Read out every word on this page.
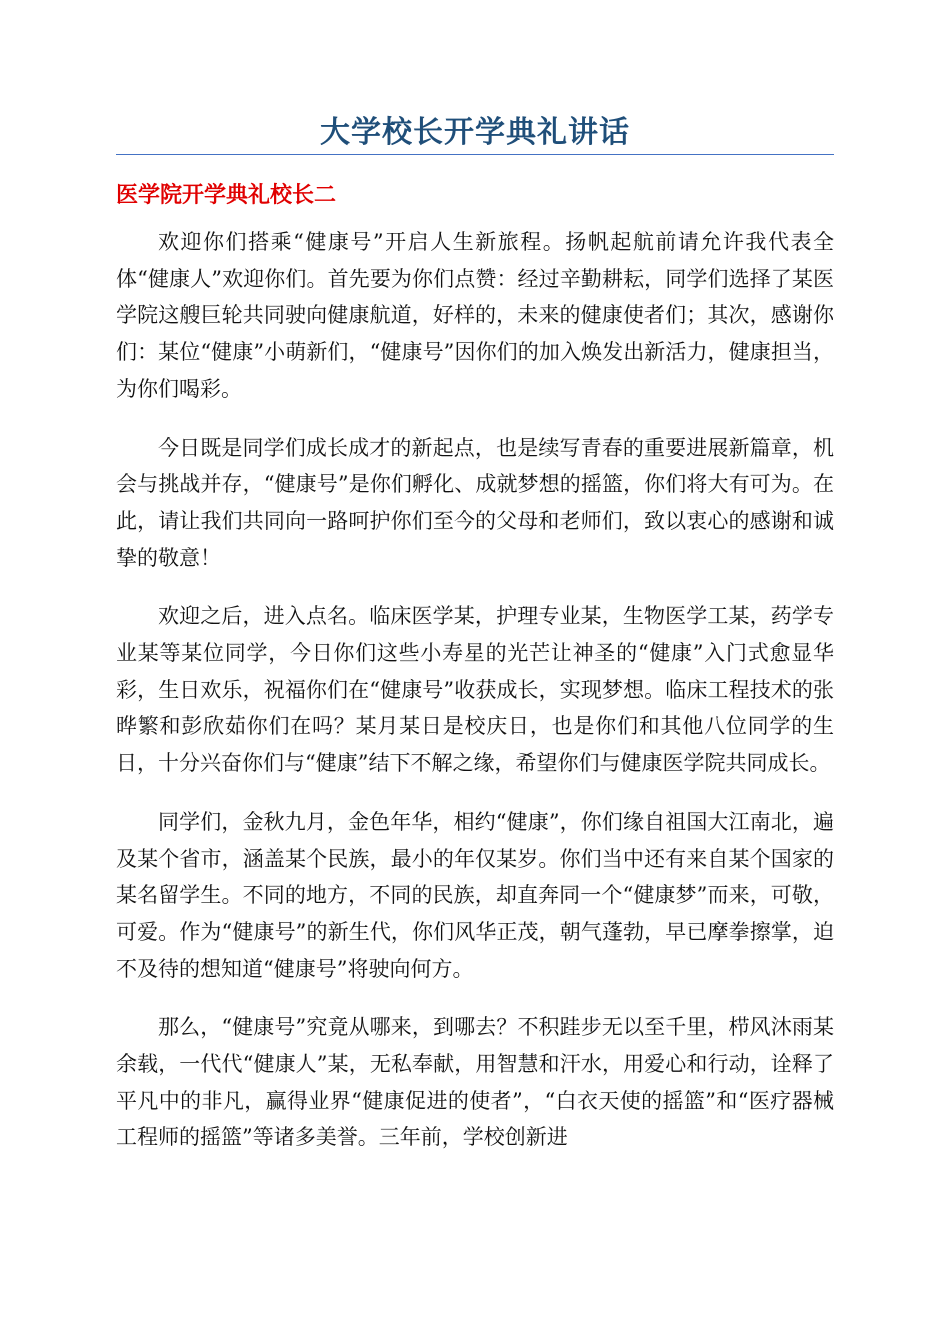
大学校长开学典礼讲话
医学院开学典礼校长二

欢迎你们搭乘“健康号”开启人生新旅程。扬帆起航前请允许我代表全体“健康人”欢迎你们。首先要为你们点赞：经过辛勤耕耘，同学们选择了某医学院这艘巨轮共同驶向健康航道，好样的，未来的健康使者们；其次，感谢你们：某位“健康”小萌新们，“健康号”因你们的加入焕发出新活力，健康担当，为你们喝彩。

今日既是同学们成长成才的新起点，也是续写青春的重要进展新篇章，机会与挑战并存，“健康号”是你们孵化、成就梦想的摇篮，你们将大有可为。在此，请让我们共同向一路呵护你们至今的父母和老师们，致以衷心的感谢和诚挚的敬意！

欢迎之后，进入点名。临床医学某，护理专业某，生物医学工某，药学专业某等某位同学，今日你们这些小寿星的光芒让神圣的“健康”入门式愈显华彩，生日欢乐，祝福你们在“健康号”收获成长，实现梦想。临床工程技术的张晔繁和彭欣茹你们在吗？某月某日是校庆日，也是你们和其他八位同学的生日，十分兴奋你们与“健康”结下不解之缘，希望你们与健康医学院共同成长。

同学们，金秋九月，金色年华，相约“健康”，你们缘自祖国大江南北，遍及某个省市，涵盖某个民族，最小的年仅某岁。你们当中还有来自某个国家的某名留学生。不同的地方，不同的民族，却直奔同一个“健康梦”而来，可敬，可爱。作为“健康号”的新生代，你们风华正茂，朝气蓬勃，早已摩拳擦掌，迫不及待的想知道“健康号”将驶向何方。

那么，“健康号”究竟从哪来，到哪去？不积跬步无以至千里，栉风沐雨某余载，一代代“健康人”某，无私奉献，用智慧和汗水，用爱心和行动，诠释了平凡中的非凡，赢得业界“健康促进的使者”，“白衣天使的摇篮”和“医疗器械工程师的摇篮”等诸多美誉。三年前，学校创新进
